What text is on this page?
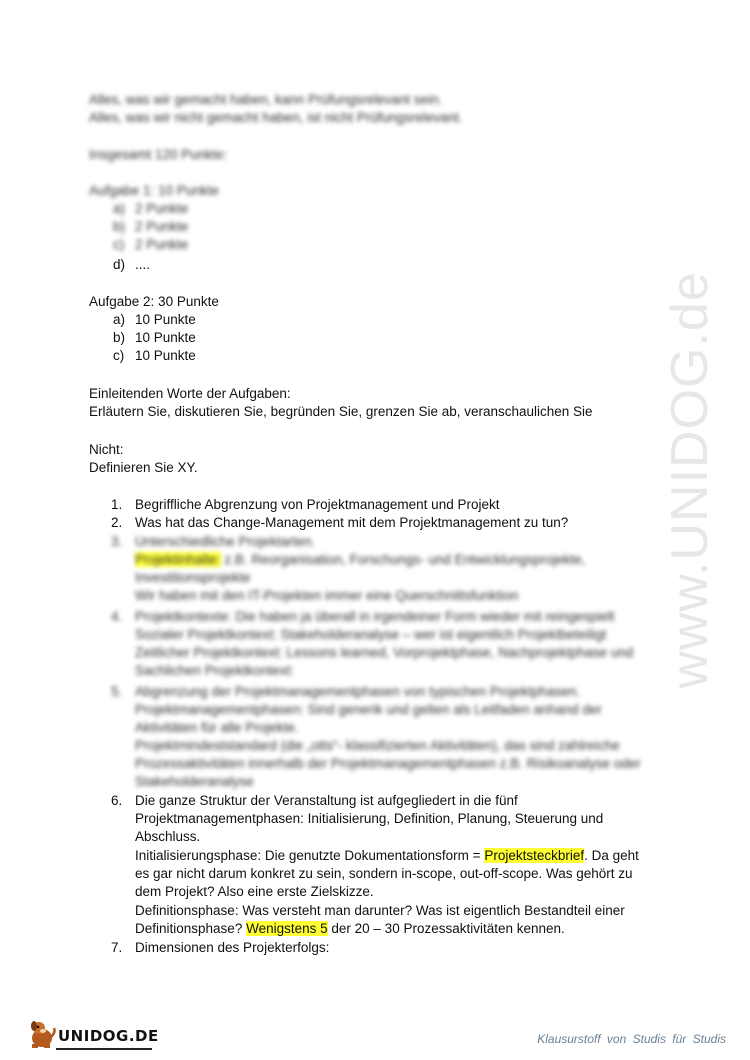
www.UNIDOG.de
Alles, was wir gemacht haben, kann Prüfungsrelevant sein.
Alles, was wir nicht gemacht haben, ist nicht Prüfungsrelevant.
Insgesamt 120 Punkte:
Aufgabe 1: 10 Punkte
a) 2 Punkte
b) 2 Punkte
c) 2 Punkte
d) ....
Aufgabe 2: 30 Punkte
a) 10 Punkte
b) 10 Punkte
c) 10 Punkte
Einleitenden Worte der Aufgaben:
Erläutern Sie, diskutieren Sie, begründen Sie, grenzen Sie ab, veranschaulichen Sie
Nicht:
Definieren Sie XY.
1. Begriffliche Abgrenzung von Projektmanagement und Projekt
2. Was hat das Change-Management mit dem Projektmanagement zu tun?
3. Unterschiedliche Projektarten.
Projektinhalte: z.B. Reorganisation, Forschungs- und Entwicklungsprojekte,
Investitionsprojekte
Wir haben mit den IT-Projekten immer eine Querschnittsfunktion
4. Projektkontexte: Die haben ja überall in irgendeiner Form wieder mit reingespielt
Sozialer Projektkontext: Stakeholderanalyse – wer ist eigentlich Projektbeteiligt
Zeitlicher Projektkontext: Lessons learned, Vorprojektphase, Nachprojektphase und
Sachlichen Projektkontext:
5. Abgrenzung der Projektmanagementphasen von typischen Projektphasen.
Projektmanagementphasen: Sind generik und gelten als Leitfaden anhand der
Aktivitäten für alle Projekte.
Projektmindeststandard (die „otts“- klassifizierten Aktivitäten), das sind zahlreiche
Prozessaktivitäten innerhalb der Projektmanagementphasen z.B. Risikoanalyse oder
Stakeholderanalyse
6. Die ganze Struktur der Veranstaltung ist aufgegliedert in die fünf
Projektmanagementphasen: Initialisierung, Definition, Planung, Steuerung und
Abschluss.
Initialisierungsphase: Die genutzte Dokumentationsform = Projektsteckbrief. Da geht
es gar nicht darum konkret zu sein, sondern in-scope, out-off-scope. Was gehört zu
dem Projekt? Also eine erste Zielskizze.
Definitionsphase: Was versteht man darunter? Was ist eigentlich Bestandteil einer
Definitionsphase? Wenigstens 5 der 20 – 30 Prozessaktivitäten kennen.
7. Dimensionen des Projekterfolgs:
UNIDOG.DE	Klausurstoff von Studis für Studis
